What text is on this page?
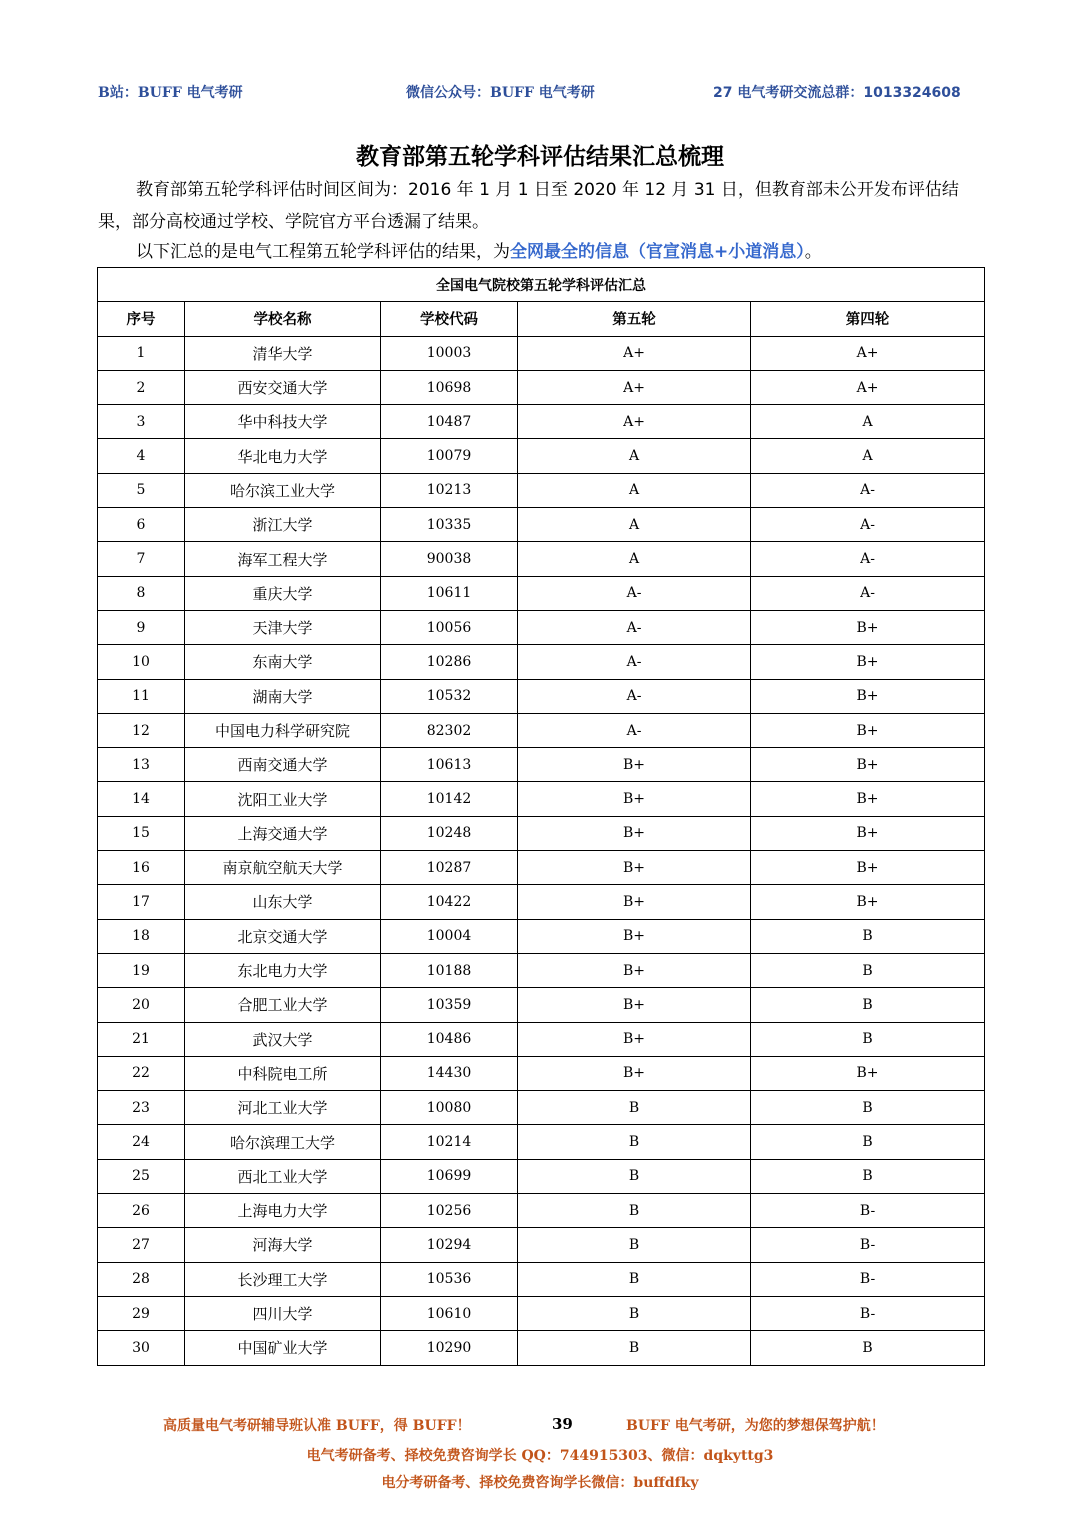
B站：BUFF 电气考研	微信公众号：BUFF 电气考研	27 电气考研交流总群：1013324608
教育部第五轮学科评估结果汇总梳理
教育部第五轮学科评估时间区间为：2016 年 1 月 1 日至 2020 年 12 月 31 日，但教育部未公开发布评估结果，部分高校通过学校、学院官方平台透漏了结果。
以下汇总的是电气工程第五轮学科评估的结果，为全网最全的信息（官宣消息+小道消息）。
全国电气院校第五轮学科评估汇总				
序号	学校名称	学校代码	第五轮	第四轮
1	清华大学	10003	A+	A+
2	西安交通大学	10698	A+	A+
3	华中科技大学	10487	A+	A
4	华北电力大学	10079	A	A
5	哈尔滨工业大学	10213	A	A-
6	浙江大学	10335	A	A-
7	海军工程大学	90038	A	A-
8	重庆大学	10611	A-	A-
9	天津大学	10056	A-	B+
10	东南大学	10286	A-	B+
11	湖南大学	10532	A-	B+
12	中国电力科学研究院	82302	A-	B+
13	西南交通大学	10613	B+	B+
14	沈阳工业大学	10142	B+	B+
15	上海交通大学	10248	B+	B+
16	南京航空航天大学	10287	B+	B+
17	山东大学	10422	B+	B+
18	北京交通大学	10004	B+	B
19	东北电力大学	10188	B+	B
20	合肥工业大学	10359	B+	B
21	武汉大学	10486	B+	B
22	中科院电工所	14430	B+	B+
23	河北工业大学	10080	B	B
24	哈尔滨理工大学	10214	B	B
25	西北工业大学	10699	B	B
26	上海电力大学	10256	B	B-
27	河海大学	10294	B	B-
28	长沙理工大学	10536	B	B-
29	四川大学	10610	B	B-
30	中国矿业大学	10290	B	B
高质量电气考研辅导班认准 BUFF，得 BUFF！	39	BUFF 电气考研，为您的梦想保驾护航！
电气考研备考、择校免费咨询学长 QQ：744915303、微信：dqkyttg3
电分考研备考、择校免费咨询学长微信：buffdfky
